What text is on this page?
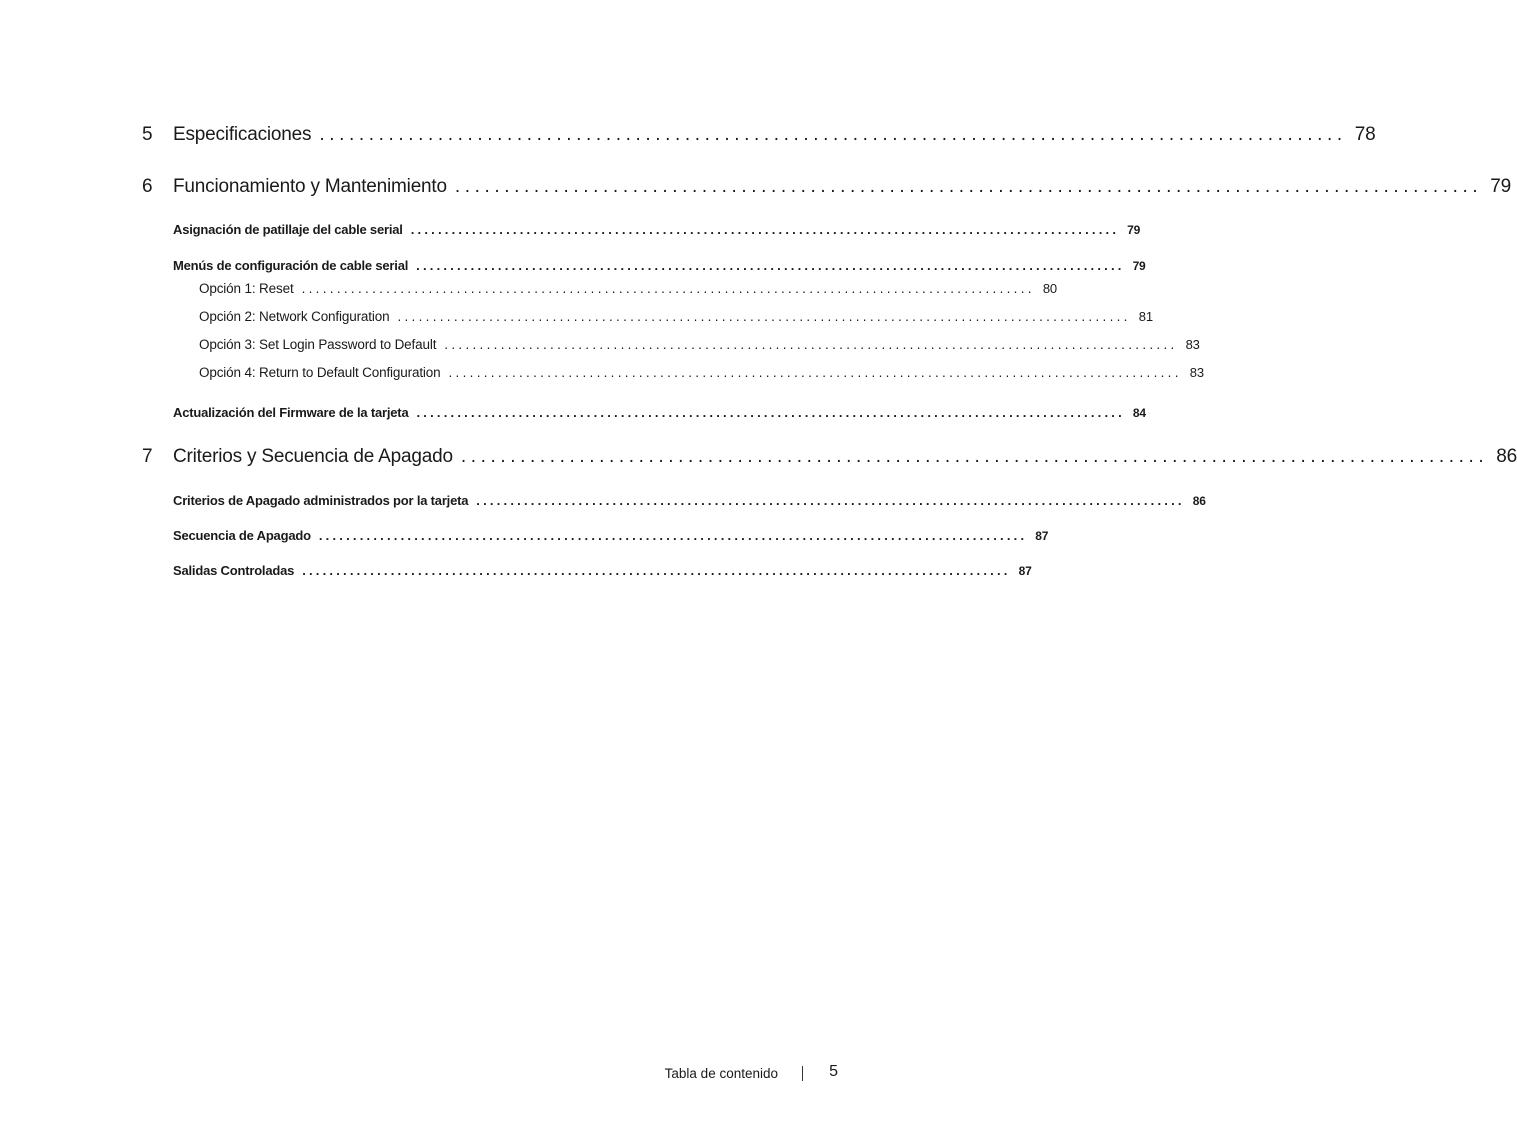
5 Especificaciones ........................................................................................................ 78
6 Funcionamiento y Mantenimiento ........................................................................................................ 79
Asignación de patillaje del cable serial ........................................................................................................ 79
Menús de configuración de cable serial ........................................................................................................ 79
Opción 1: Reset ........................................................................................................ 80
Opción 2: Network Configuration ........................................................................................................ 81
Opción 3: Set Login Password to Default ........................................................................................................ 83
Opción 4: Return to Default Configuration ........................................................................................................ 83
Actualización del Firmware de la tarjeta ........................................................................................................ 84
7 Criterios y Secuencia de Apagado ........................................................................................................ 86
Criterios de Apagado administrados por la tarjeta ........................................................................................................ 86
Secuencia de Apagado ........................................................................................................ 87
Salidas Controladas ........................................................................................................ 87
Tabla de contenido	5
